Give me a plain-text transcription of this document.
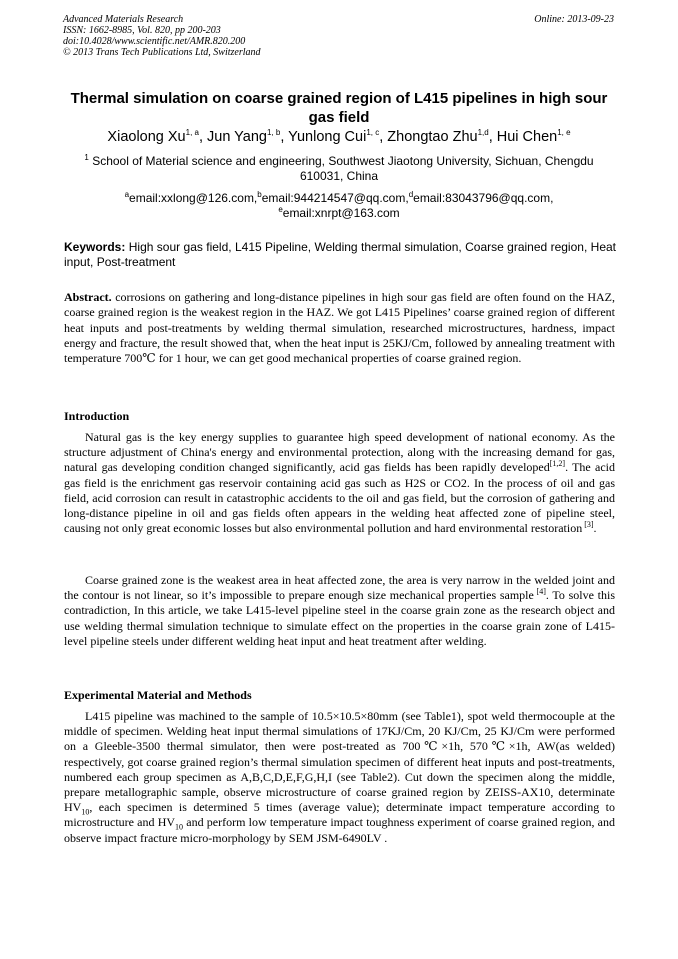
Advanced Materials Research
ISSN: 1662-8985, Vol. 820, pp 200-203
doi:10.4028/www.scientific.net/AMR.820.200
© 2013 Trans Tech Publications Ltd, Switzerland
Online: 2013-09-23
Thermal simulation on coarse grained region of L415 pipelines in high sour gas field
Xiaolong Xu$^{1, a}$, Jun Yang$^{1, b}$, Yunlong Cui$^{1, c}$, Zhongtao Zhu$^{1,d}$, Hui Chen$^{1, e}$
$^1$ School of Material science and engineering, Southwest Jiaotong University, Sichuan, Chengdu 610031, China
$^a$email:xxlong@126.com,$^b$email:944214547@qq.com,$^d$email:83043796@qq.com,
$^e$email:xnrpt@163.com
Keywords: High sour gas field, L415 Pipeline, Welding thermal simulation, Coarse grained region, Heat input, Post-treatment
Abstract. corrosions on gathering and long-distance pipelines in high sour gas field are often found on the HAZ, coarse grained region is the weakest region in the HAZ. We got L415 Pipelines’ coarse grained region of different heat inputs and post-treatments by welding thermal simulation, researched microstructures, hardness, impact energy and fracture, the result showed that, when the heat input is 25KJ/Cm, followed by annealing treatment with temperature 700℃ for 1 hour, we can get good mechanical properties of coarse grained region.
Introduction

Natural gas is the key energy supplies to guarantee high speed development of national economy. As the structure adjustment of China's energy and environmental protection, along with the increasing demand for gas, natural gas developing condition changed significantly, acid gas fields has been rapidly developed[1,2]. The acid gas field is the enrichment gas reservoir containing acid gas such as H2S or CO2. In the process of oil and gas field, acid corrosion can result in catastrophic accidents to the oil and gas field, but the corrosion of gathering and long-distance pipeline in oil and gas fields often appears in the welding heat affected zone of pipeline steel, causing not only great economic losses but also environmental pollution and hard environmental restoration [3].

Coarse grained zone is the weakest area in heat affected zone, the area is very narrow in the welded joint and the contour is not linear, so it’s impossible to prepare enough size mechanical properties sample [4]. To solve this contradiction, In this article, we take L415-level pipeline steel in the coarse grain zone as the research object and use welding thermal simulation technique to simulate effect on the properties in the coarse grain zone of L415-level pipeline steels under different welding heat input and heat treatment after welding.

Experimental Material and Methods

L415 pipeline was machined to the sample of 10.5×10.5×80mm (see Table1), spot weld thermocouple at the middle of specimen. Welding heat input thermal simulations of 17KJ/Cm, 20 KJ/Cm, 25 KJ/Cm were performed on a Gleeble-3500 thermal simulator, then were post-treated as 700℃×1h, 570℃×1h, AW(as welded) respectively, got coarse grained region’s thermal simulation specimen of different heat inputs and post-treatments, numbered each group specimen as A,B,C,D,E,F,G,H,I (see Table2). Cut down the specimen along the middle, prepare metallographic sample, observe microstructure of coarse grained region by ZEISS-AX10, determinate $HV_{10}$, each specimen is determined 5 times (average value); determinate impact temperature according to microstructure and $HV_{10}$ and perform low temperature impact toughness experiment of coarse grained region, and observe impact fracture micro-morphology by SEM JSM-6490LV .
